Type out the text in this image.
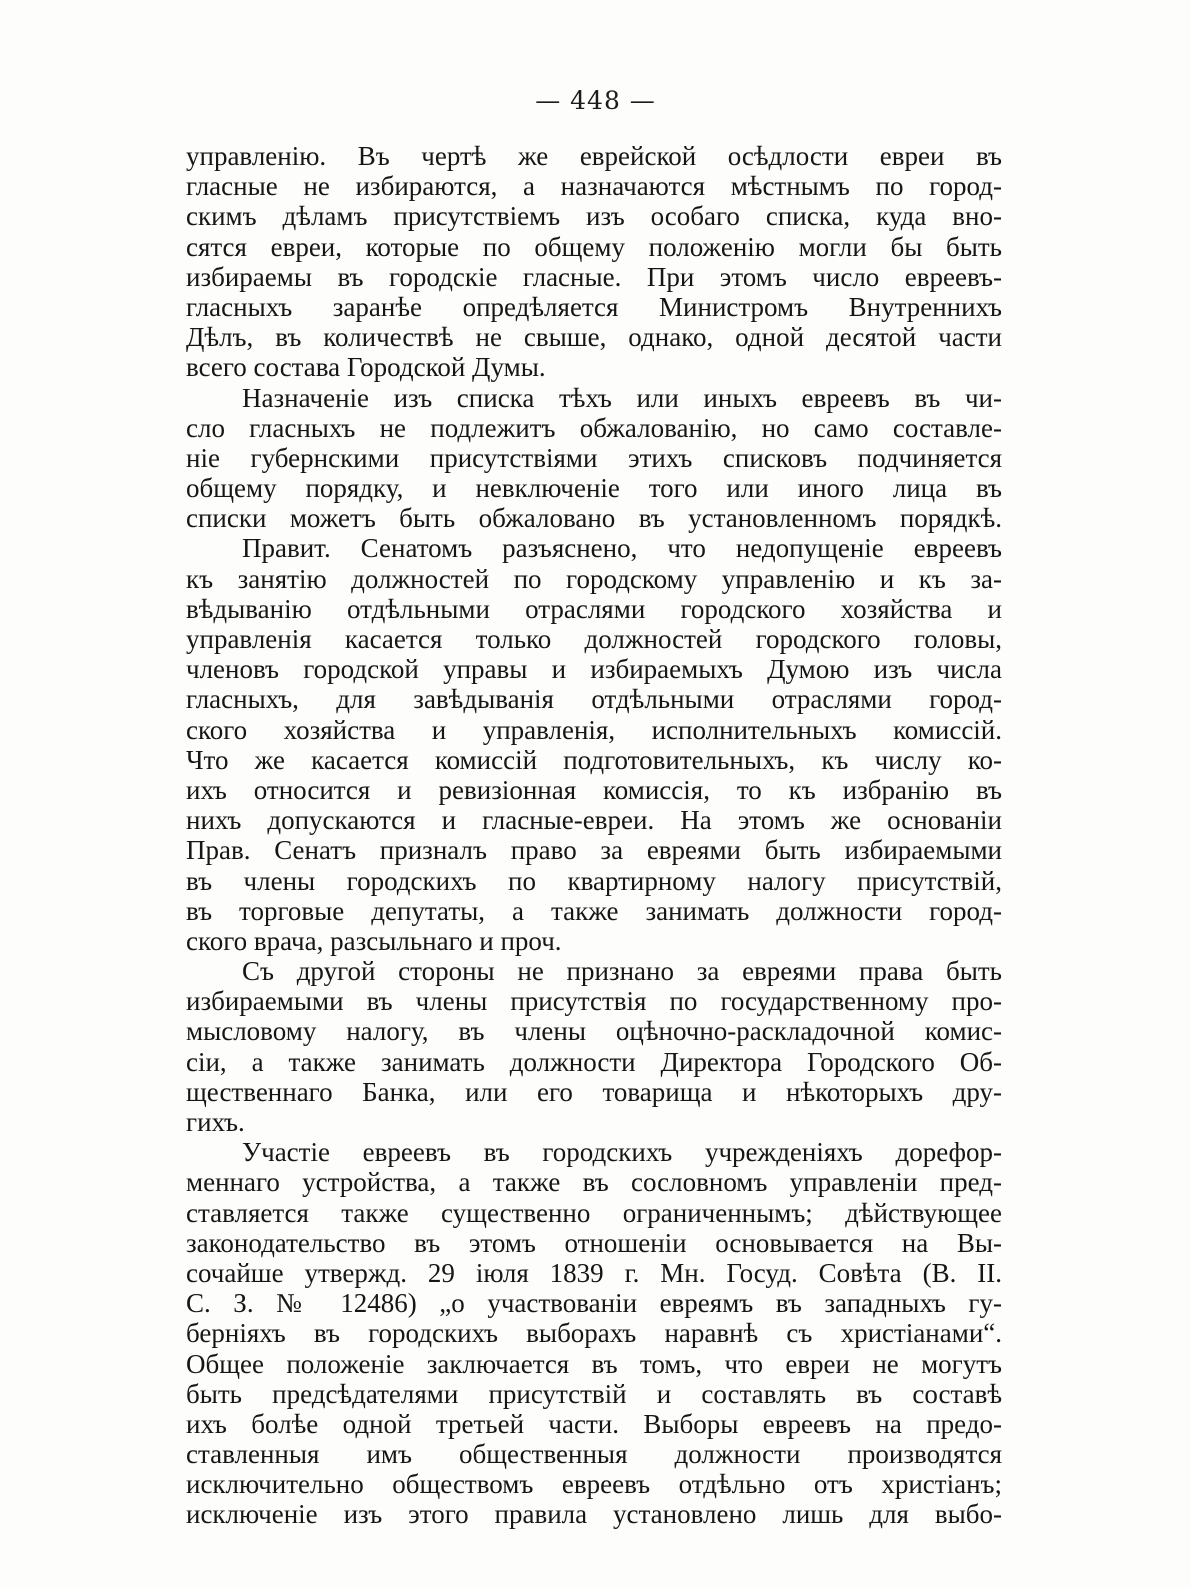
— 448 —
управленію. Въ чертѣ же еврейской осѣдлости евреи въ
гласные не избираются, а назначаются мѣстнымъ по город-
скимъ дѣламъ присутствіемъ изъ особаго списка, куда вно-
сятся евреи, которые по общему положенію могли бы быть
избираемы въ городскіе гласные. При этомъ число евреевъ-
гласныхъ заранѣе опредѣляется Министромъ Внутреннихъ
Дѣлъ, въ количествѣ не свыше, однако, одной десятой части
всего состава Городской Думы.
Назначеніе изъ списка тѣхъ или иныхъ евреевъ въ чи-
сло гласныхъ не подлежитъ обжалованію, но само составле-
ніе губернскими присутствіями этихъ списковъ подчиняется
общему порядку, и невключеніе того или иного лица въ
списки можетъ быть обжаловано въ установленномъ порядкѣ.
Правит. Сенатомъ разъяснено, что недопущеніе евреевъ
къ занятію должностей по городскому управленію и къ за-
вѣдыванію отдѣльными отраслями городского хозяйства и
управленія касается только должностей городского головы,
членовъ городской управы и избираемыхъ Думою изъ числа
гласныхъ, для завѣдыванія отдѣльными отраслями город-
ского хозяйства и управленія, исполнительныхъ комиссій.
Что же касается комиссій подготовительныхъ, къ числу ко-
ихъ относится и ревизіонная комиссія, то къ избранію въ
нихъ допускаются и гласные-евреи. На этомъ же основаніи
Прав. Сенатъ призналъ право за евреями быть избираемыми
въ члены городскихъ по квартирному налогу присутствій,
въ торговые депутаты, а также занимать должности город-
ского врача, разсыльнаго и проч.
Съ другой стороны не признано за евреями права быть
избираемыми въ члены присутствія по государственному про-
мысловому налогу, въ члены оцѣночно-раскладочной комис-
сіи, а также занимать должности Директора Городского Об-
щественнаго Банка, или его товарища и нѣкоторыхъ дру-
гихъ.
Участіе евреевъ въ городскихъ учрежденіяхъ дорефор-
меннаго устройства, а также въ сословномъ управленіи пред-
ставляется также существенно ограниченнымъ; дѣйствующее
законодательство въ этомъ отношеніи основывается на Вы-
сочайше утвержд. 29 іюля 1839 г. Мн. Госуд. Совѣта (В. II.
С. З. № 12486) „о участвованіи евреямъ въ западныхъ гу-
берніяхъ въ городскихъ выборахъ наравнѣ съ христіанами“.
Общее положеніе заключается въ томъ, что евреи не могутъ
быть предсѣдателями присутствій и составлять въ составѣ
ихъ болѣе одной третьей части. Выборы евреевъ на предо-
ставленныя имъ общественныя должности производятся
исключительно обществомъ евреевъ отдѣльно отъ христіанъ;
исключеніе изъ этого правила установлено лишь для выбо-
